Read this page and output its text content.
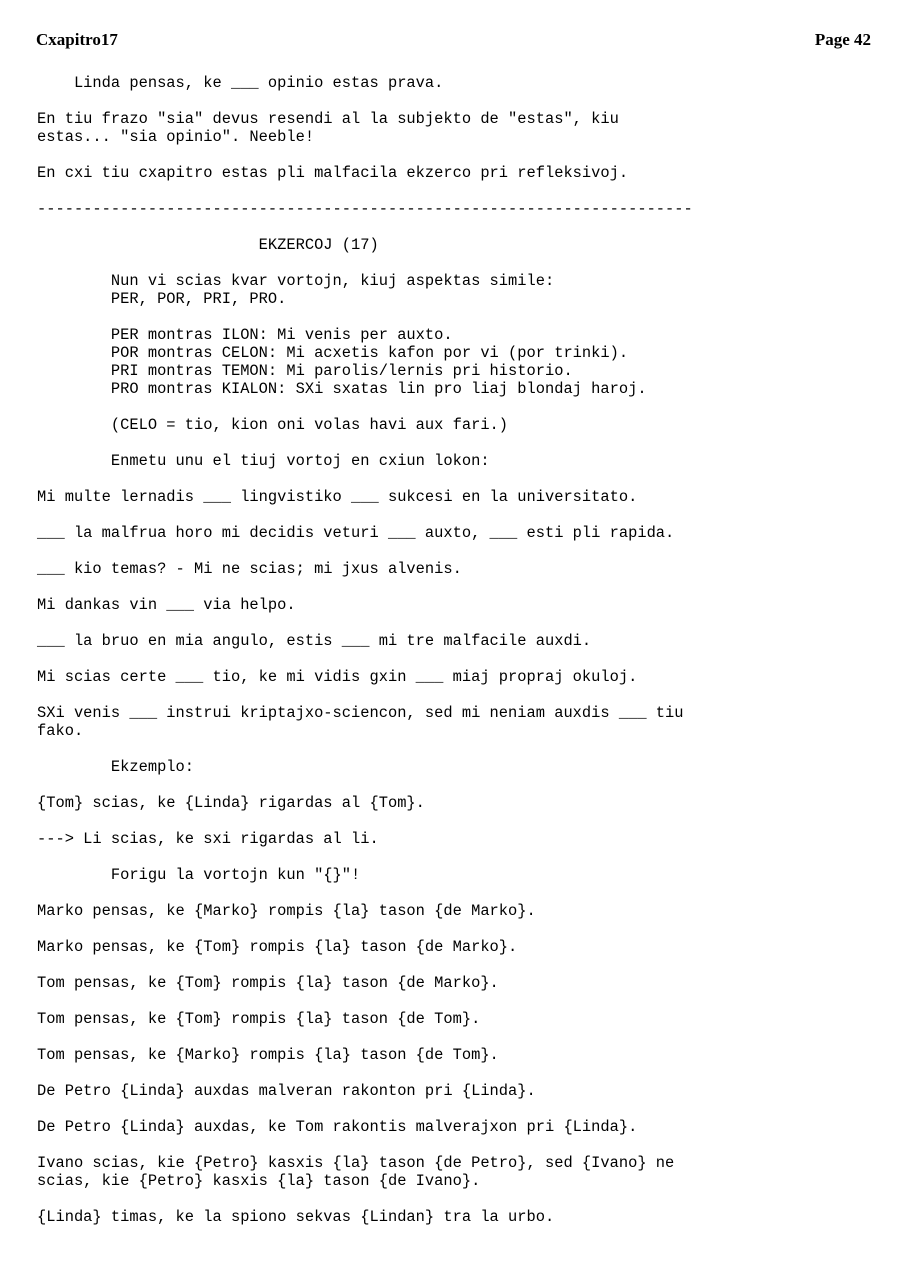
Cxapitro17	Page 42
Linda pensas, ke ___ opinio estas prava.
En tiu frazo "sia" devus resendi al la subjekto de "estas", kiu
estas... "sia opinio". Neeble!
En cxi tiu cxapitro estas pli malfacila ekzerco pri refleksivoj.
-----------------------------------------------------------------------
EKZERCOJ (17)
Nun vi scias kvar vortojn, kiuj aspektas simile:
PER, POR, PRI, PRO.
PER montras ILON: Mi venis per auxto.
POR montras CELON: Mi acxetis kafon por vi (por trinki).
PRI montras TEMON: Mi parolis/lernis pri historio.
PRO montras KIALON: SXi sxatas lin pro liaj blondaj haroj.
(CELO = tio, kion oni volas havi aux fari.)
Enmetu unu el tiuj vortoj en cxiun lokon:
Mi multe lernadis ___ lingvistiko ___ sukcesi en la universitato.
___ la malfrua horo mi decidis veturi ___ auxto, ___ esti pli rapida.
___ kio temas? - Mi ne scias; mi jxus alvenis.
Mi dankas vin ___ via helpo.
___ la bruo en mia angulo, estis ___ mi tre malfacile auxdi.
Mi scias certe ___ tio, ke mi vidis gxin ___ miaj propraj okuloj.
SXi venis ___ instrui kriptajxo-sciencon, sed mi neniam auxdis ___ tiu
fako.
Ekzemplo:
{Tom} scias, ke {Linda} rigardas al {Tom}.
---> Li scias, ke sxi rigardas al li.
Forigu la vortojn kun "{}"!
Marko pensas, ke {Marko} rompis {la} tason {de Marko}.
Marko pensas, ke {Tom} rompis {la} tason {de Marko}.
Tom pensas, ke {Tom} rompis {la} tason {de Marko}.
Tom pensas, ke {Tom} rompis {la} tason {de Tom}.
Tom pensas, ke {Marko} rompis {la} tason {de Tom}.
De Petro {Linda} auxdas malveran rakonton pri {Linda}.
De Petro {Linda} auxdas, ke Tom rakontis malverajxon pri {Linda}.
Ivano scias, kie {Petro} kasxis {la} tason {de Petro}, sed {Ivano} ne
scias, kie {Petro} kasxis {la} tason {de Ivano}.
{Linda} timas, ke la spiono sekvas {Lindan} tra la urbo.
